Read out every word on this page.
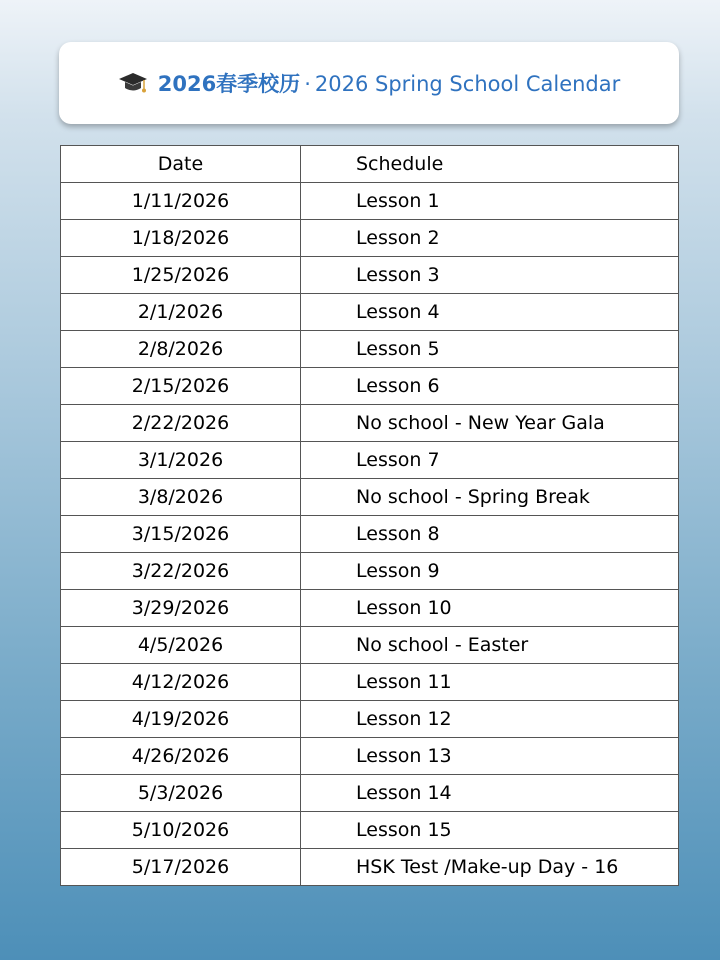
2026春季校历 · 2026 Spring School Calendar
Date	Schedule
1/11/2026	Lesson 1
1/18/2026	Lesson 2
1/25/2026	Lesson 3
2/1/2026	Lesson 4
2/8/2026	Lesson 5
2/15/2026	Lesson 6
2/22/2026	No school - New Year Gala
3/1/2026	Lesson 7
3/8/2026	No school - Spring Break
3/15/2026	Lesson 8
3/22/2026	Lesson 9
3/29/2026	Lesson 10
4/5/2026	No school - Easter
4/12/2026	Lesson 11
4/19/2026	Lesson 12
4/26/2026	Lesson 13
5/3/2026	Lesson 14
5/10/2026	Lesson 15
5/17/2026	HSK Test /Make-up Day - 16
